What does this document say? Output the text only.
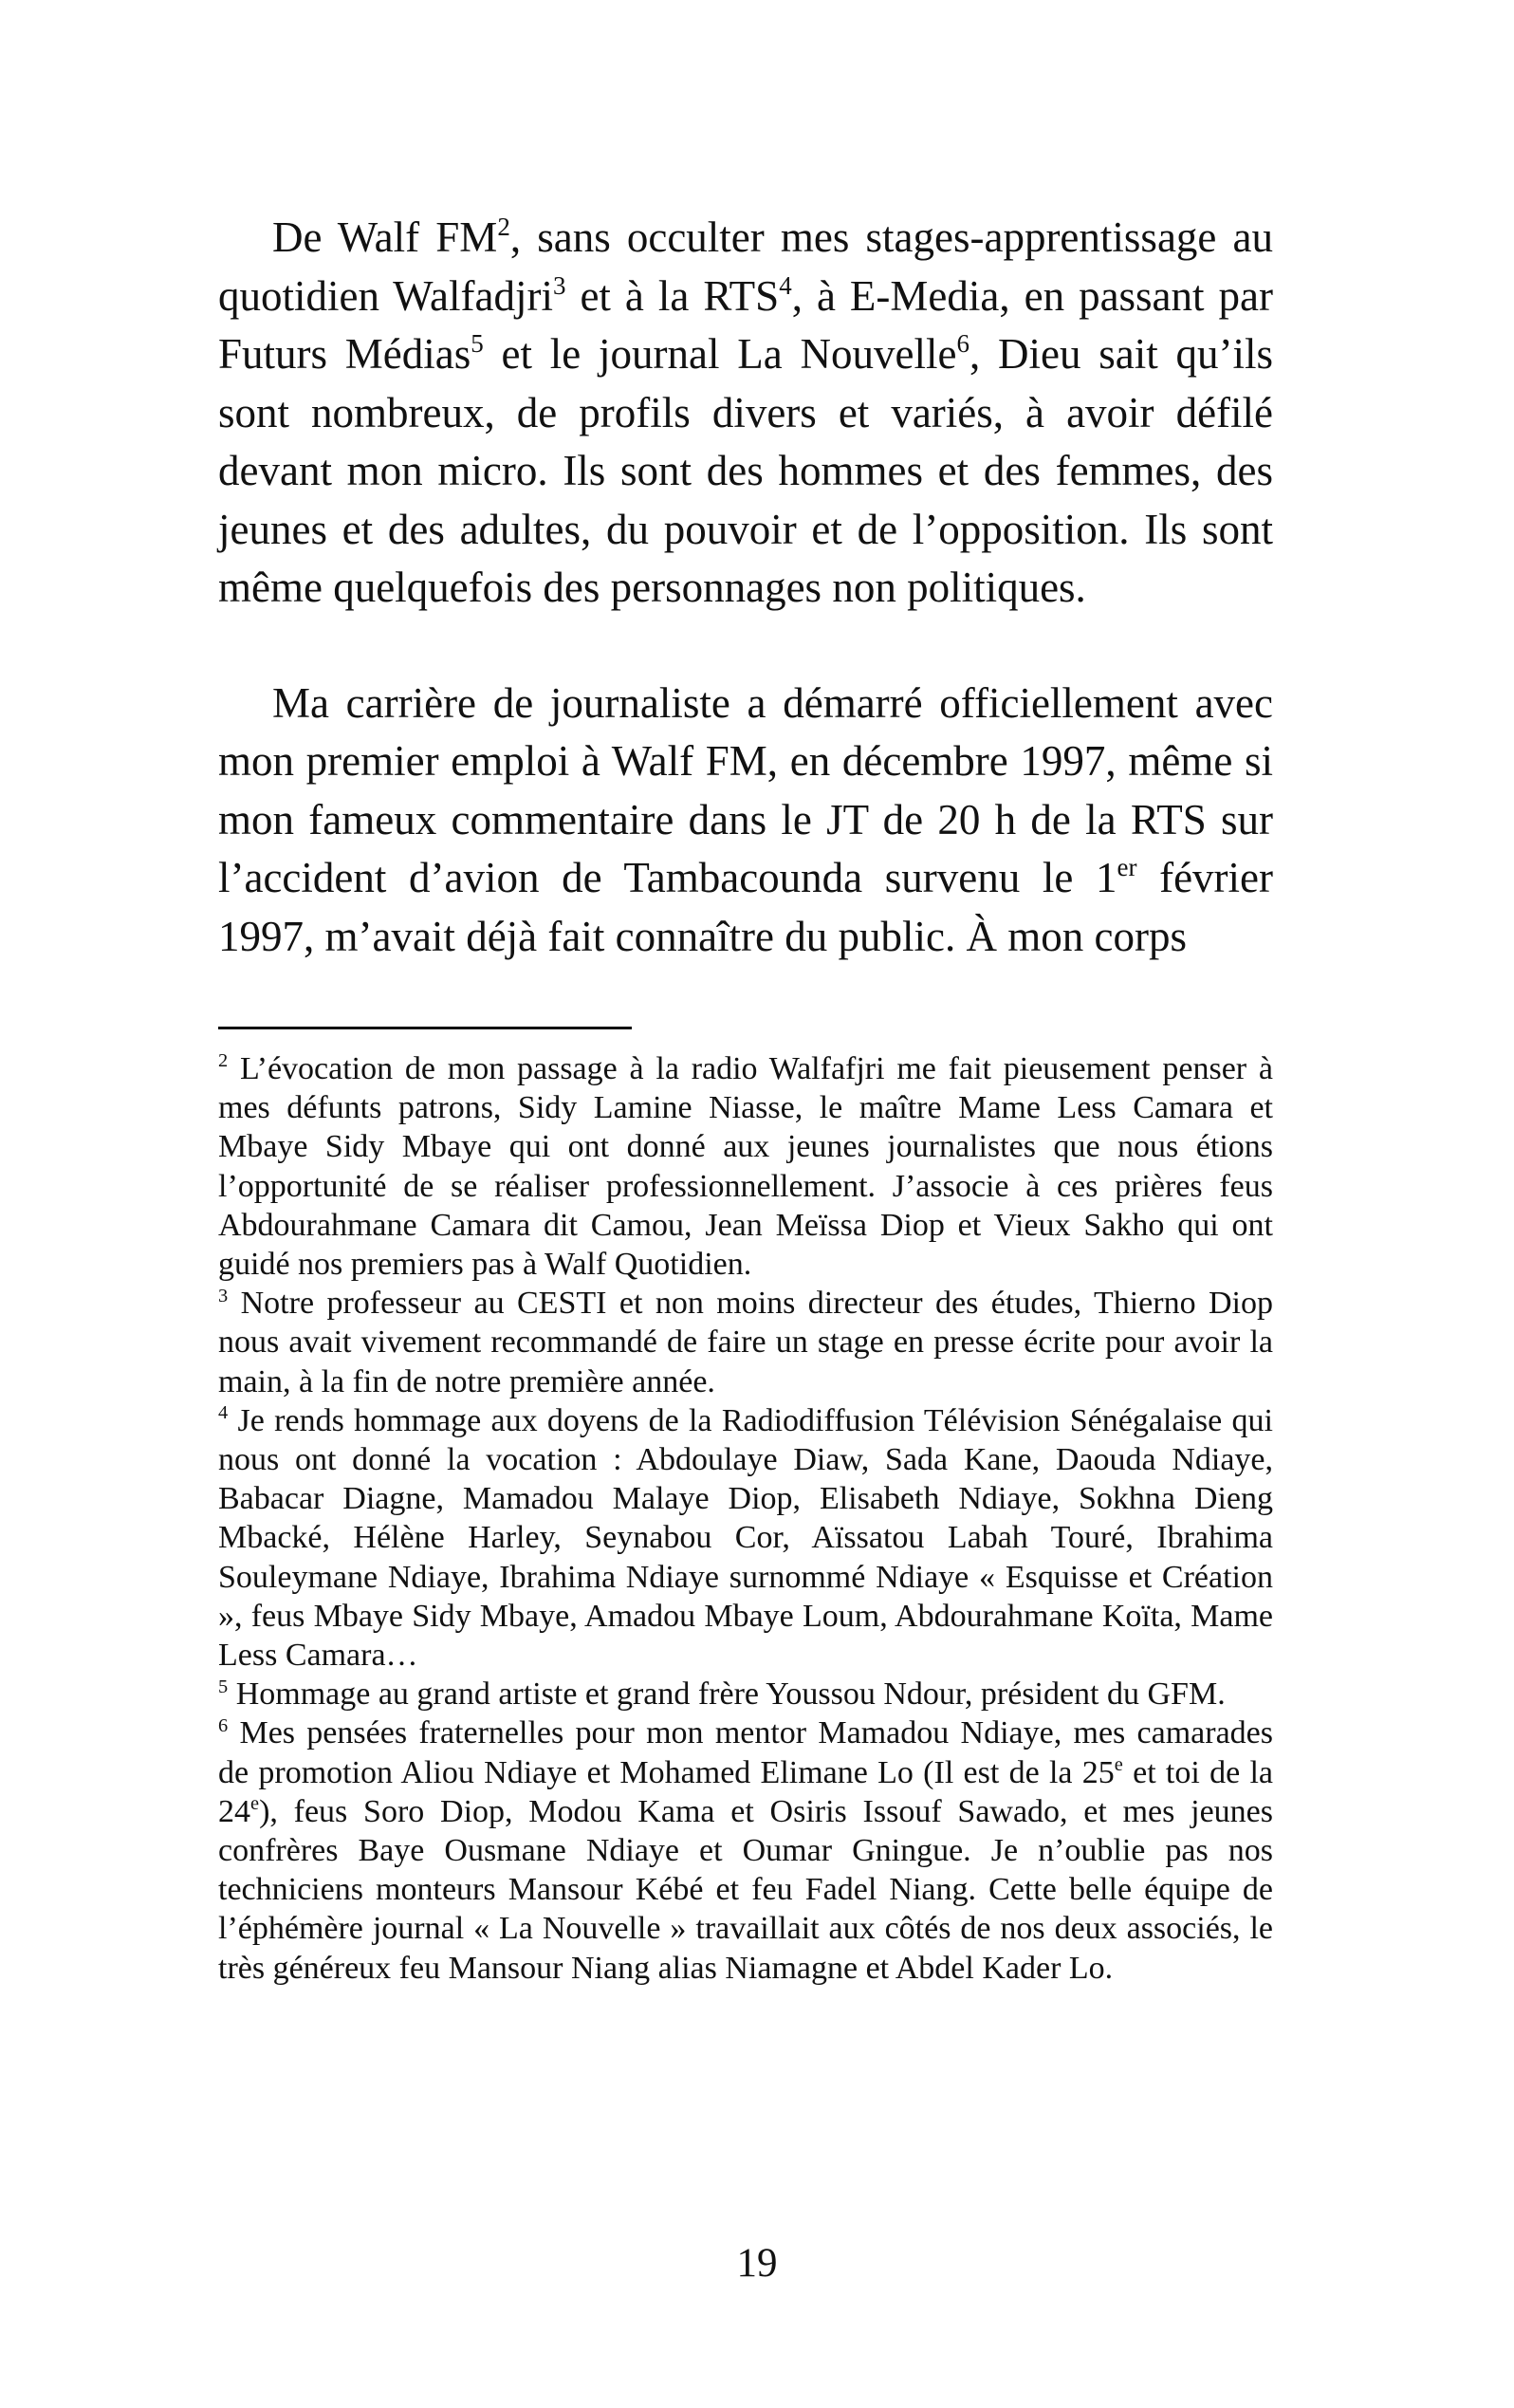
De Walf $FM^2$, sans occulter mes stages-apprentissage au quotidien Walfadjri$^3$ et à la RTS$^4$, à E-Media, en passant par Futurs Médias$^5$ et le journal La Nouvelle$^6$, Dieu sait qu’ils sont nombreux, de profils divers et variés, à avoir défilé devant mon micro. Ils sont des hommes et des femmes, des jeunes et des adultes, du pouvoir et de l’opposition. Ils sont même quelquefois des personnages non politiques.

Ma carrière de journaliste a démarré officiellement avec mon premier emploi à Walf FM, en décembre 1997, même si mon fameux commentaire dans le JT de 20 h de la RTS sur l’accident d’avion de Tambacounda survenu le 1er février 1997, m’avait déjà fait connaître du public. À mon corps

$^2$ L’évocation de mon passage à la radio Walfafjri me fait pieusement penser à mes défunts patrons, Sidy Lamine Niasse, le maître Mame Less Camara et Mbaye Sidy Mbaye qui ont donné aux jeunes journalistes que nous étions l’opportunité de se réaliser professionnellement. J’associe à ces prières feus Abdourahmane Camara dit Camou, Jean Meïssa Diop et Vieux Sakho qui ont guidé nos premiers pas à Walf Quotidien.

$^3$ Notre professeur au CESTI et non moins directeur des études, Thierno Diop nous avait vivement recommandé de faire un stage en presse écrite pour avoir la main, à la fin de notre première année.

$^4$ Je rends hommage aux doyens de la Radiodiffusion Télévision Sénégalaise qui nous ont donné la vocation : Abdoulaye Diaw, Sada Kane, Daouda Ndiaye, Babacar Diagne, Mamadou Malaye Diop, Elisabeth Ndiaye, Sokhna Dieng Mbacké, Hélène Harley, Seynabou Cor, Aïssatou Labah Touré, Ibrahima Souleymane Ndiaye, Ibrahima Ndiaye surnommé Ndiaye « Esquisse et Création », feus Mbaye Sidy Mbaye, Amadou Mbaye Loum, Abdourahmane Koïta, Mame Less Camara…

$^5$ Hommage au grand artiste et grand frère Youssou Ndour, président du GFM.

$^6$ Mes pensées fraternelles pour mon mentor Mamadou Ndiaye, mes camarades de promotion Aliou Ndiaye et Mohamed Elimane Lo (Il est de la 25e et toi de la 24e), feus Soro Diop, Modou Kama et Osiris Issouf Sawado, et mes jeunes confrères Baye Ousmane Ndiaye et Oumar Gningue. Je n’oublie pas nos techniciens monteurs Mansour Kébé et feu Fadel Niang. Cette belle équipe de l’éphémère journal « La Nouvelle » travaillait aux côtés de nos deux associés, le très généreux feu Mansour Niang alias Niamagne et Abdel Kader Lo.

19
